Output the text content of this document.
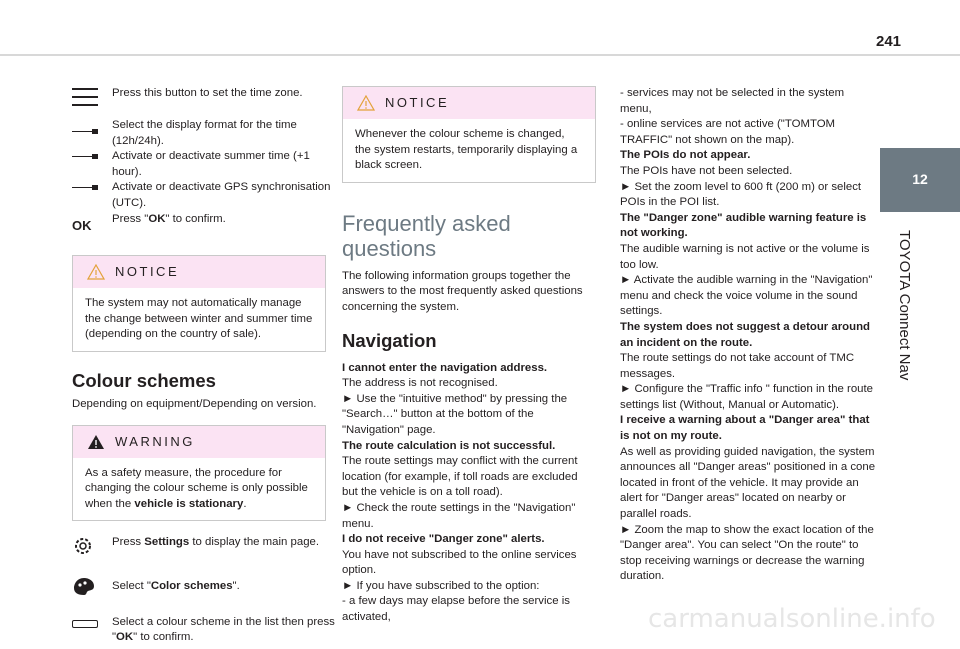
241
12
TOYOTA Connect Nav
Press this button to set the time zone.
Select the display format for the time (12h/24h).
Activate or deactivate summer time (+1 hour).
Activate or deactivate GPS synchronisation (UTC).
OK	Press "OK" to confirm.
NOTICE
The system may not automatically manage the change between winter and summer time (depending on the country of sale).
Colour schemes
Depending on equipment/Depending on version.
WARNING
As a safety measure, the procedure for changing the colour scheme is only possible when the vehicle is stationary.
Press Settings to display the main page.
Select "Color schemes".
Select a colour scheme in the list then press "OK" to confirm.
NOTICE
Whenever the colour scheme is changed, the system restarts, temporarily displaying a black screen.
Frequently asked
questions

The following information groups together the answers to the most frequently asked questions concerning the system.

Navigation
I cannot enter the navigation address.
The address is not recognised.
► Use the "intuitive method" by pressing the "Search…" button at the bottom of the "Navigation" page.
The route calculation is not successful.
The route settings may conflict with the current location (for example, if toll roads are excluded but the vehicle is on a toll road).
► Check the route settings in the "Navigation" menu.
I do not receive "Danger zone" alerts.
You have not subscribed to the online services option.
► If you have subscribed to the option:
- a few days may elapse before the service is activated,
- services may not be selected in the system menu,
- online services are not active ("TOMTOM TRAFFIC" not shown on the map).
The POIs do not appear.
The POIs have not been selected.
► Set the zoom level to 600 ft (200 m) or select POIs in the POI list.
The "Danger zone" audible warning feature is not working.
The audible warning is not active or the volume is too low.
► Activate the audible warning in the "Navigation" menu and check the voice volume in the sound settings.
The system does not suggest a detour around an incident on the route.
The route settings do not take account of TMC messages.
► Configure the "Traffic info " function in the route settings list (Without, Manual or Automatic).
I receive a warning about a "Danger area" that is not on my route.
As well as providing guided navigation, the system announces all "Danger areas" positioned in a cone located in front of the vehicle. It may provide an alert for "Danger areas" located on nearby or parallel roads.
► Zoom the map to show the exact location of the "Danger area". You can select "On the route" to stop receiving warnings or decrease the warning duration.
carmanualsonline.info
